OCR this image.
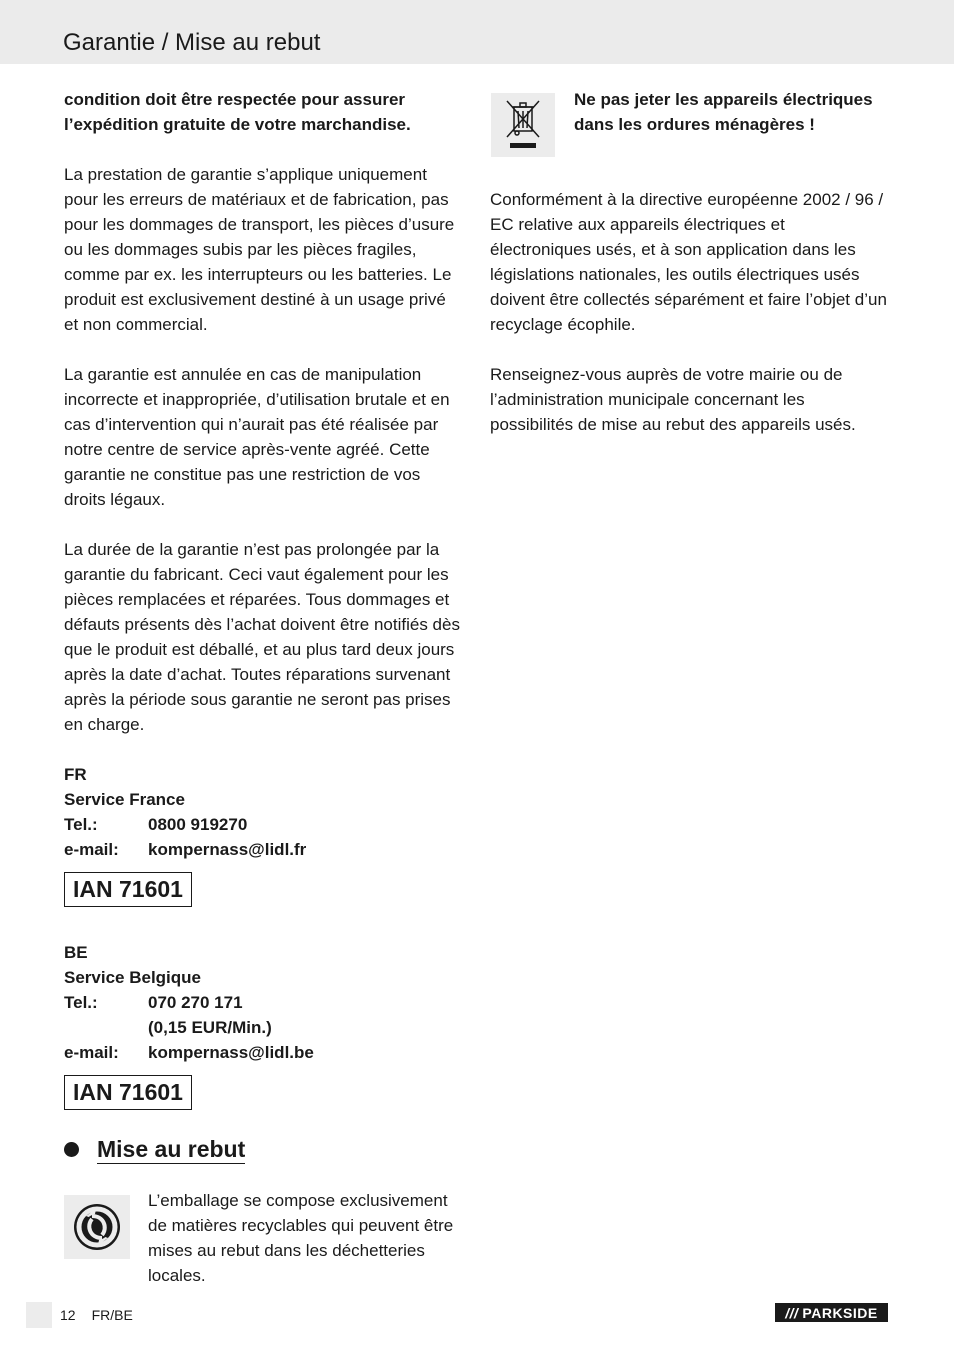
Garantie / Mise au rebut

condition doit être respectée pour assurer l’expédition gratuite de votre marchandise.

La prestation de garantie s’applique uniquement pour les erreurs de matériaux et de fabrication, pas pour les dommages de transport, les pièces d’usure ou les dommages subis par les pièces fragiles, comme par ex. les interrupteurs ou les batteries. Le produit est exclusivement destiné à un usage privé et non commercial.

La garantie est annulée en cas de manipulation incorrecte et inappropriée, d’utilisation brutale et en cas d’intervention qui n’aurait pas été réalisée par notre centre de service après-vente agréé. Cette garantie ne constitue pas une restriction de vos droits légaux.

La durée de la garantie n’est pas prolongée par la garantie du fabricant. Ceci vaut également pour les pièces remplacées et réparées. Tous dommages et défauts présents dès l’achat doivent être notifiés dès que le produit est déballé, et au plus tard deux jours après la date d’achat. Toutes réparations survenant après la période sous garantie ne seront pas prises en charge.

FR
Service France
Tel.:	0800 919270
e-mail:	kompernass@lidl.fr
IAN 71601
BE
Service Belgique
Tel.:	070 270 171
(0,15 EUR/Min.)
e-mail:	kompernass@lidl.be
IAN 71601
Mise au rebut

L’emballage se compose exclusivement de matières recyclables qui peuvent être mises au rebut dans les déchetteries locales.

Ne pas jeter les appareils électriques dans les ordures ménagères !

Conformément à la directive européenne 2002 / 96 / EC relative aux appareils électriques et électroniques usés, et à son application dans les législations nationales, les outils électriques usés doivent être collectés séparément et faire l’objet d’un recyclage écophile.

Renseignez-vous auprès de votre mairie ou de l’administration municipale concernant les possibilités de mise au rebut des appareils usés.

12 FR/BE	/// PARKSIDE
